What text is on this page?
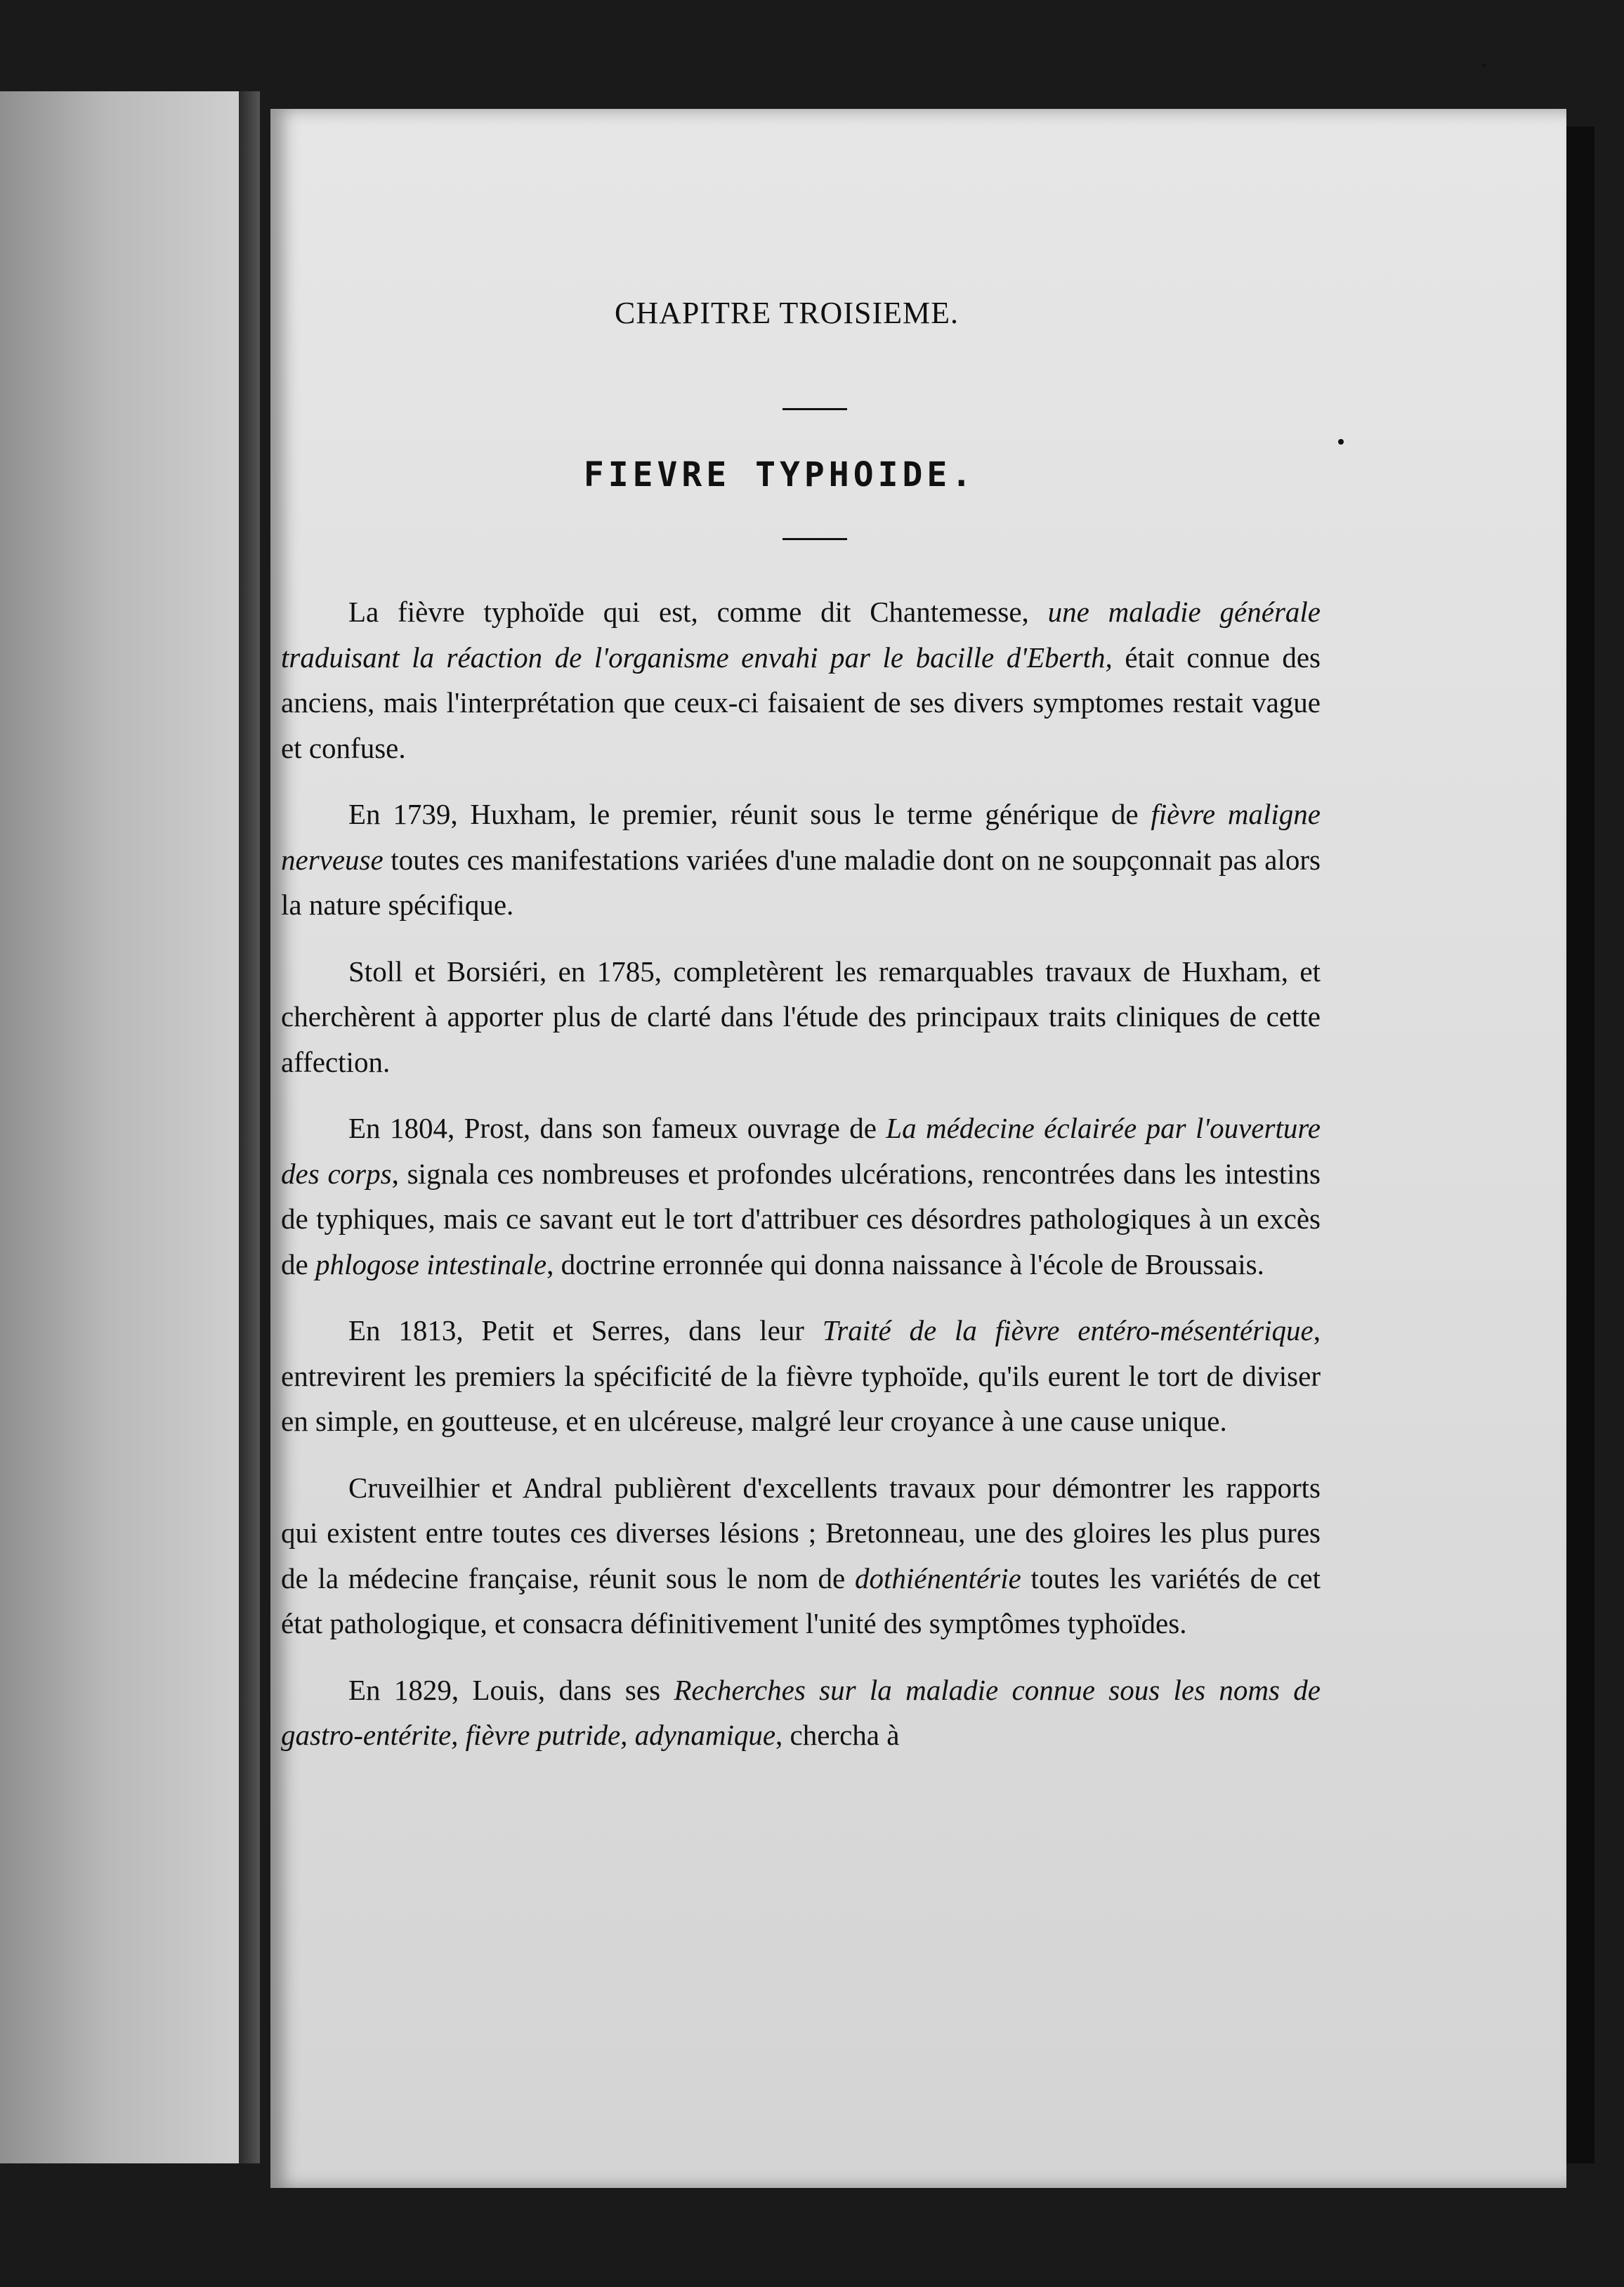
CHAPITRE TROISIEME.
FIEVRE TYPHOIDE.

La fièvre typhoïde qui est, comme dit Chantemesse, une maladie générale traduisant la réaction de l'organisme envahi par le bacille d'Eberth, était connue des anciens, mais l'interprétation que ceux-ci faisaient de ses divers symptomes restait vague et confuse.

En 1739, Huxham, le premier, réunit sous le terme générique de fièvre maligne nerveuse toutes ces manifestations variées d'une maladie dont on ne soupçonnait pas alors la nature spécifique.

Stoll et Borsiéri, en 1785, completèrent les remarquables travaux de Huxham, et cherchèrent à apporter plus de clarté dans l'étude des principaux traits cliniques de cette affection.

En 1804, Prost, dans son fameux ouvrage de La médecine éclairée par l'ouverture des corps, signala ces nombreuses et profondes ulcérations, rencontrées dans les intestins de typhiques, mais ce savant eut le tort d'attribuer ces désordres pathologiques à un excès de phlogose intestinale, doctrine erronnée qui donna naissance à l'école de Broussais.

En 1813, Petit et Serres, dans leur Traité de la fièvre entéro-mésentérique, entrevirent les premiers la spécificité de la fièvre typhoïde, qu'ils eurent le tort de diviser en simple, en goutteuse, et en ulcéreuse, malgré leur croyance à une cause unique.

Cruveilhier et Andral publièrent d'excellents travaux pour démontrer les rapports qui existent entre toutes ces diverses lésions ; Bretonneau, une des gloires les plus pures de la médecine française, réunit sous le nom de dothiénentérie toutes les variétés de cet état pathologique, et consacra définitivement l'unité des symptômes typhoïdes.

En 1829, Louis, dans ses Recherches sur la maladie connue sous les noms de gastro-entérite, fièvre putride, adynamique, chercha à
